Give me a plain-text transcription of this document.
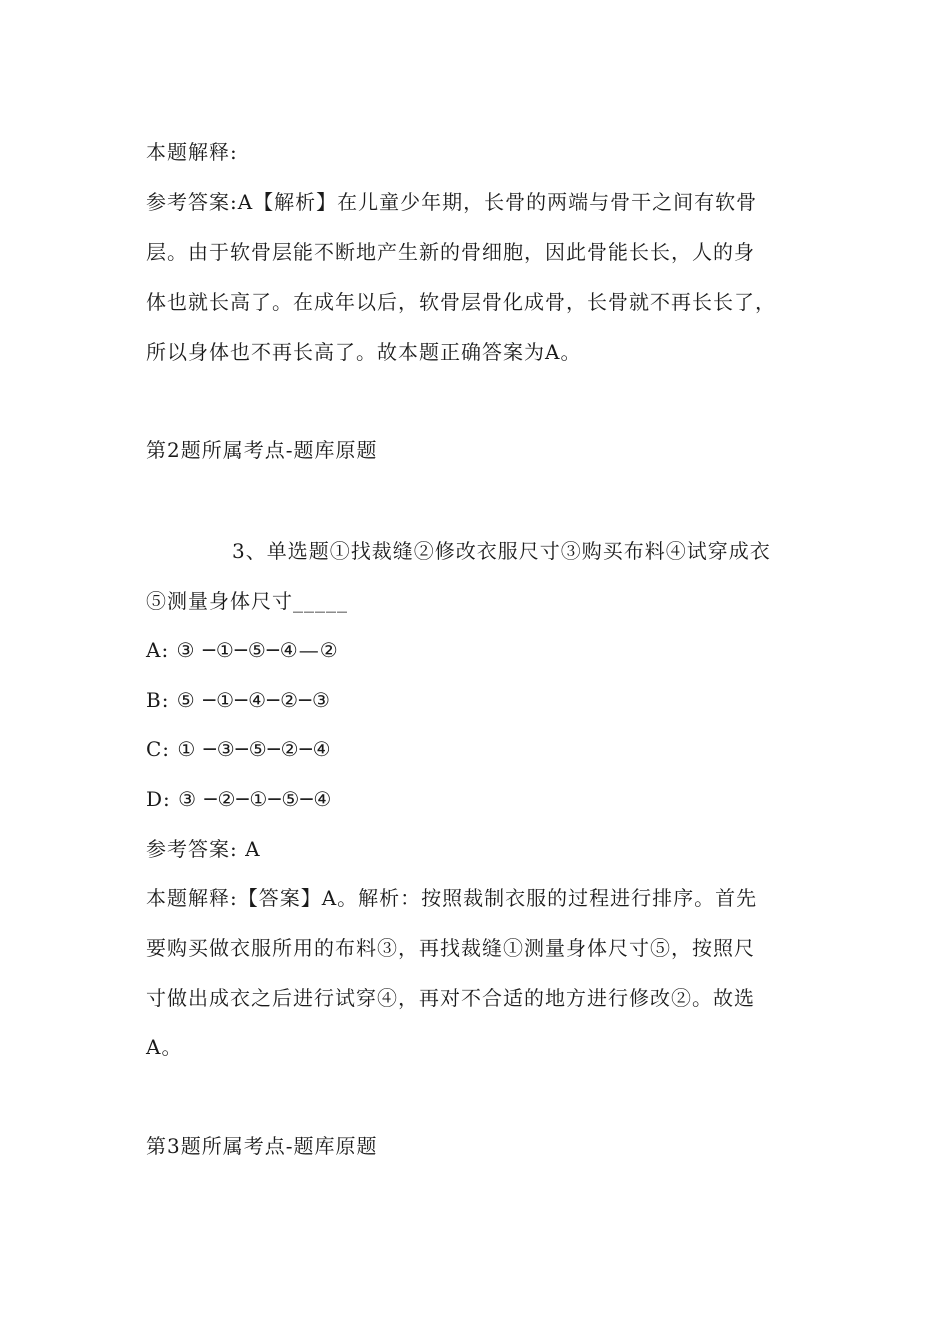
本题解释:
参考答案:A【解析】在儿童少年期，长骨的两端与骨干之间有软骨
层。由于软骨层能不断地产生新的骨细胞，因此骨能长长，人的身
体也就长高了。在成年以后，软骨层骨化成骨，长骨就不再长长了，
所以身体也不再长高了。故本题正确答案为A。
第2题所属考点-题库原题
3、单选题①找裁缝②修改衣服尺寸③购买布料④试穿成衣
⑤测量身体尺寸_____
A: ③ ─①─⑤─④—②
B: ⑤ ─①─④─②─③
C: ① ─③─⑤─②─④
D: ③ ─②─①─⑤─④
参考答案: A
本题解释:【答案】A。解析：按照裁制衣服的过程进行排序。首先
要购买做衣服所用的布料③，再找裁缝①测量身体尺寸⑤，按照尺
寸做出成衣之后进行试穿④，再对不合适的地方进行修改②。故选
A。
第3题所属考点-题库原题
